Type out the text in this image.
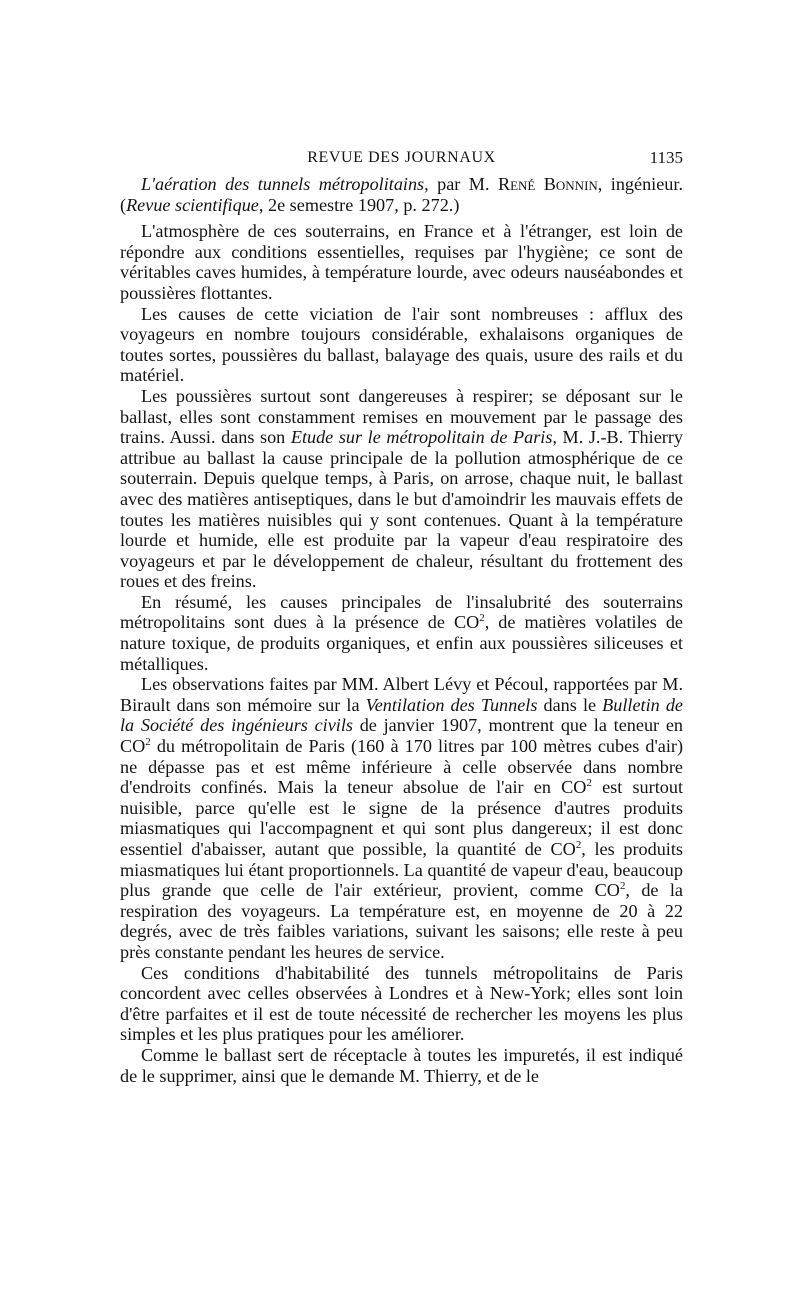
REVUE DES JOURNAUX	1135

L'aération des tunnels métropolitains, par M. René Bonnin, ingénieur. (Revue scientifique, 2e semestre 1907, p. 272.)

L'atmosphère de ces souterrains, en France et à l'étranger, est loin de répondre aux conditions essentielles, requises par l'hygiène; ce sont de véritables caves humides, à température lourde, avec odeurs nauséabondes et poussières flottantes.

Les causes de cette viciation de l'air sont nombreuses : afflux des voyageurs en nombre toujours considérable, exhalaisons organiques de toutes sortes, poussières du ballast, balayage des quais, usure des rails et du matériel.

Les poussières surtout sont dangereuses à respirer; se déposant sur le ballast, elles sont constamment remises en mouvement par le passage des trains. Aussi. dans son Etude sur le métropolitain de Paris, M. J.-B. Thierry attribue au ballast la cause principale de la pollution atmosphérique de ce souterrain. Depuis quelque temps, à Paris, on arrose, chaque nuit, le ballast avec des matières antiseptiques, dans le but d'amoindrir les mauvais effets de toutes les matières nuisibles qui y sont contenues. Quant à la température lourde et humide, elle est produite par la vapeur d'eau respiratoire des voyageurs et par le développement de chaleur, résultant du frottement des roues et des freins.

En résumé, les causes principales de l'insalubrité des souterrains métropolitains sont dues à la présence de $CO^2$, de matières volatiles de nature toxique, de produits organiques, et enfin aux poussières siliceuses et métalliques.

Les observations faites par MM. Albert Lévy et Pécoul, rapportées par M. Birault dans son mémoire sur la Ventilation des Tunnels dans le Bulletin de la Société des ingénieurs civils de janvier 1907, montrent que la teneur en $CO^2$ du métropolitain de Paris (160 à 170 litres par 100 mètres cubes d'air) ne dépasse pas et est même inférieure à celle observée dans nombre d'endroits confinés. Mais la teneur absolue de l'air en $CO^2$ est surtout nuisible, parce qu'elle est le signe de la présence d'autres produits miasmatiques qui l'accompagnent et qui sont plus dangereux; il est donc essentiel d'abaisser, autant que possible, la quantité de $CO^2$, les produits miasmatiques lui étant proportionnels. La quantité de vapeur d'eau, beaucoup plus grande que celle de l'air extérieur, provient, comme $CO^2$, de la respiration des voyageurs. La température est, en moyenne de 20 à 22 degrés, avec de très faibles variations, suivant les saisons; elle reste à peu près constante pendant les heures de service.

Ces conditions d'habitabilité des tunnels métropolitains de Paris concordent avec celles observées à Londres et à New-York; elles sont loin d'être parfaites et il est de toute nécessité de rechercher les moyens les plus simples et les plus pratiques pour les améliorer.

Comme le ballast sert de réceptacle à toutes les impuretés, il est indiqué de le supprimer, ainsi que le demande M. Thierry, et de le
